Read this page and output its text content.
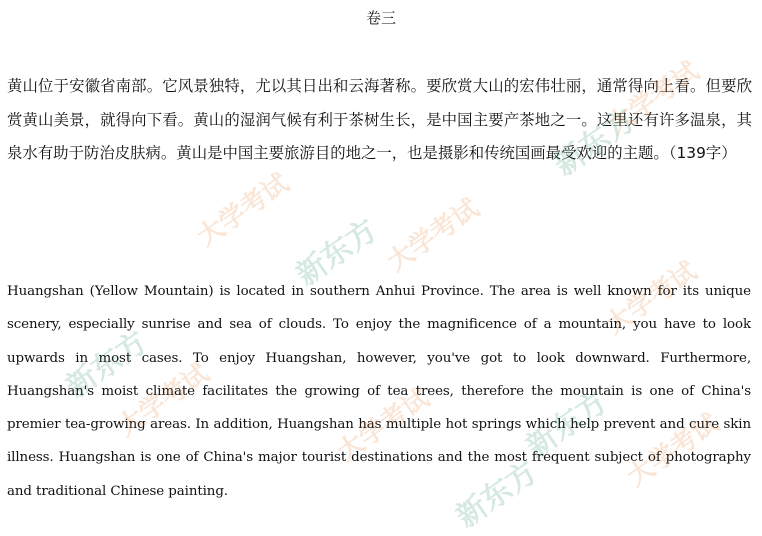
卷三

黄山位于安徽省南部。它风景独特，尤以其日出和云海著称。要欣赏大山的宏伟壮丽，通常得向上看。但要欣赏黄山美景，就得向下看。黄山的湿润气候有利于茶树生长，是中国主要产茶地之一。这里还有许多温泉，其泉水有助于防治皮肤病。黄山是中国主要旅游目的地之一，也是摄影和传统国画最受欢迎的主题。（139字）

Huangshan (Yellow Mountain) is located in southern Anhui Province. The area is well known for its unique scenery, especially sunrise and sea of clouds. To enjoy the magnificence of a mountain, you have to look upwards in most cases. To enjoy Huangshan, however, you've got to look downward. Furthermore, Huangshan's moist climate facilitates the growing of tea trees, therefore the mountain is one of China's premier tea-growing areas. In addition, Huangshan has multiple hot springs which help prevent and cure skin illness. Huangshan is one of China's major tourist destinations and the most frequent subject of photography and traditional Chinese painting.

新东方
大学考试
新东方
大学考试	大学考试
大学考试
新东方
大学考试	新东方 大学考试
大学考试
新东方
